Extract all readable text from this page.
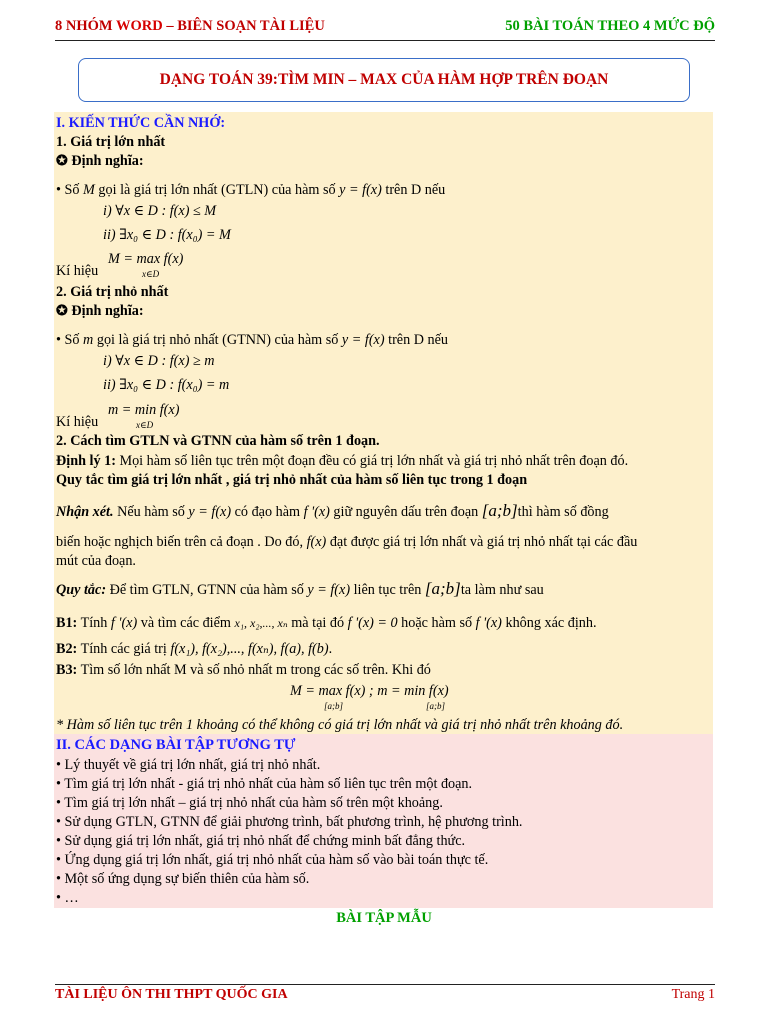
8 NHÓM WORD – BIÊN SOẠN TÀI LIỆU	50 BÀI TOÁN THEO 4 MỨC ĐỘ
DẠNG TOÁN 39: TÌM MIN – MAX CỦA HÀM HỢP TRÊN ĐOẠN
I. KIẾN THỨC CẦN NHỚ:
1. Giá trị lớn nhất
✪ Định nghĩa:
• Số M gọi là giá trị lớn nhất (GTLN) của hàm số y = f(x) trên D nếu
i) ∀x ∈ D : f(x) ≤ M
ii) ∃x₀ ∈ D : f(x₀) = M
Kí hiệu
M = max f(x)
x∈D
2. Giá trị nhỏ nhất
✪ Định nghĩa:
• Số m gọi là giá trị nhỏ nhất (GTNN) của hàm số y = f(x) trên D nếu
i) ∀x ∈ D : f(x) ≥ m
ii) ∃x₀ ∈ D : f(x₀) = m
Kí hiệu
m = min f(x)
x∈D
2. Cách tìm GTLN và GTNN của hàm số trên 1 đoạn.
Định lý 1: Mọi hàm số liên tục trên một đoạn đều có giá trị lớn nhất và giá trị nhỏ nhất trên đoạn đó.
Quy tắc tìm giá trị lớn nhất , giá trị nhỏ nhất của hàm số liên tục trong 1 đoạn
Nhận xét. Nếu hàm số y = f(x) có đạo hàm f '(x) giữ nguyên dấu trên đoạn [a;b]thì hàm số đồng
biến hoặc nghịch biến trên cả đoạn . Do đó, f(x) đạt được giá trị lớn nhất và giá trị nhỏ nhất tại các đầu
mút của đoạn.
Quy tắc: Để tìm GTLN, GTNN của hàm số y = f(x) liên tục trên [a;b]ta làm như sau
B1: Tính f '(x) và tìm các điểm x₁, x₂,..., xₙ mà tại đó f '(x) = 0 hoặc hàm số f '(x) không xác định.
B2: Tính các giá trị f(x₁), f(x₂),..., f(xₙ), f(a), f(b).
B3: Tìm số lớn nhất M và số nhỏ nhất m trong các số trên. Khi đó
M = max f(x) ; m = min f(x)
[a;b]	[a;b]
* Hàm số liên tục trên 1 khoảng có thể không có giá trị lớn nhất và giá trị nhỏ nhất trên khoảng đó.
II. CÁC DẠNG BÀI TẬP TƯƠNG TỰ
• Lý thuyết về giá trị lớn nhất, giá trị nhỏ nhất.
• Tìm giá trị lớn nhất - giá trị nhỏ nhất của hàm số liên tục trên một đoạn.
• Tìm giá trị lớn nhất – giá trị nhỏ nhất của hàm số trên một khoảng.
• Sử dụng GTLN, GTNN để giải phương trình, bất phương trình, hệ phương trình.
• Sử dụng giá trị lớn nhất, giá trị nhỏ nhất để chứng minh bất đẳng thức.
• Ứng dụng giá trị lớn nhất, giá trị nhỏ nhất của hàm số vào bài toán thực tế.
• Một số ứng dụng sự biến thiên của hàm số.
• …
BÀI TẬP MẪU
TÀI LIỆU ÔN THI THPT QUỐC GIA	Trang 1
